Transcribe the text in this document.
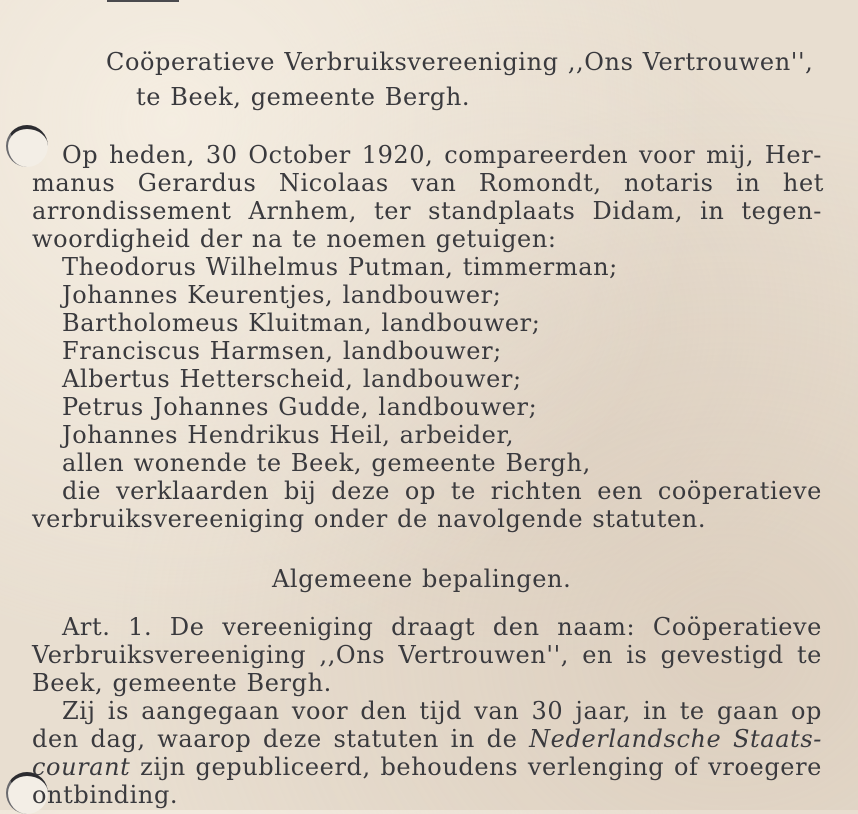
Coöperatieve Verbruiksvereeniging ,,Ons Vertrouwen'',
te Beek, gemeente Bergh.
Op heden, 30 October 1920, compareerden voor mij, Her-
manus Gerardus Nicolaas van Romondt, notaris in het
arrondissement Arnhem, ter standplaats Didam, in tegen-
woordigheid der na te noemen getuigen:
Theodorus Wilhelmus Putman, timmerman;
Johannes Keurentjes, landbouwer;
Bartholomeus Kluitman, landbouwer;
Franciscus Harmsen, landbouwer;
Albertus Hetterscheid, landbouwer;
Petrus Johannes Gudde, landbouwer;
Johannes Hendrikus Heil, arbeider,
allen wonende te Beek, gemeente Bergh,
die verklaarden bij deze op te richten een coöperatieve
verbruiksvereeniging onder de navolgende statuten.
Algemeene bepalingen.
Art. 1. De vereeniging draagt den naam: Coöperatieve
Verbruiksvereeniging ,,Ons Vertrouwen'', en is gevestigd te
Beek, gemeente Bergh.
Zij is aangegaan voor den tijd van 30 jaar, in te gaan op
den dag, waarop deze statuten in de Nederlandsche Staats-
courant zijn gepubliceerd, behoudens verlenging of vroegere
ontbinding.
